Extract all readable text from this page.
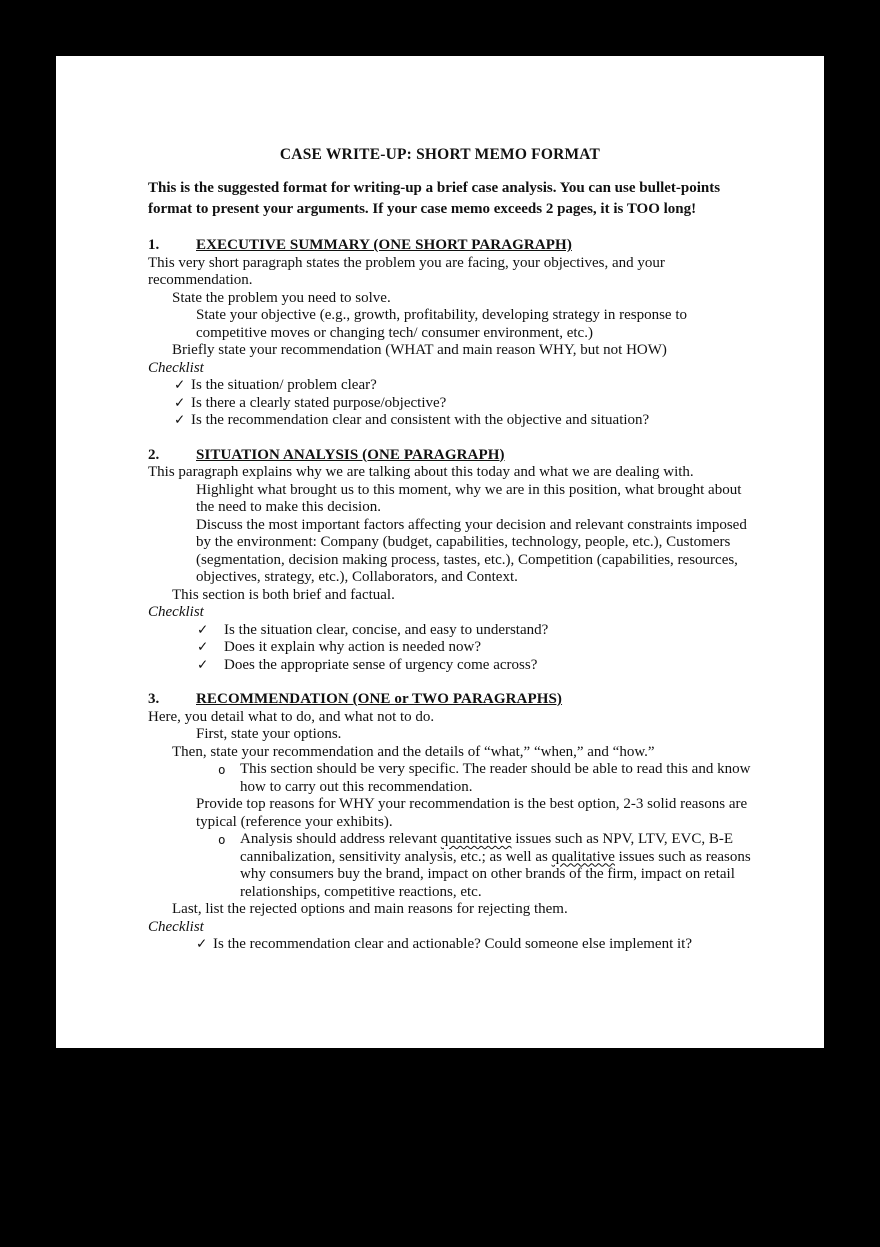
CASE WRITE-UP: SHORT MEMO FORMAT

This is the suggested format for writing-up a brief case analysis. You can use bullet-points format to present your arguments. If your case memo exceeds 2 pages, it is TOO long!

1.	EXECUTIVE SUMMARY (ONE SHORT PARAGRAPH)

This very short paragraph states the problem you are facing, your objectives, and your recommendation.

State the problem you need to solve.

State your objective (e.g., growth, profitability, developing strategy in response to competitive moves or changing tech/ consumer environment, etc.)

Briefly state your recommendation (WHAT and main reason WHY, but not HOW)

Checklist

✓ Is the situation/ problem clear?
✓ Is there a clearly stated purpose/objective?
✓ Is the recommendation clear and consistent with the objective and situation?
2.	SITUATION ANALYSIS (ONE PARAGRAPH)

This paragraph explains why we are talking about this today and what we are dealing with.

Highlight what brought us to this moment, why we are in this position, what brought about the need to make this decision.

Discuss the most important factors affecting your decision and relevant constraints imposed by the environment: Company (budget, capabilities, technology, people, etc.), Customers (segmentation, decision making process, tastes, etc.), Competition (capabilities, resources, objectives, strategy, etc.), Collaborators, and Context.

This section is both brief and factual.

Checklist

✓	Is the situation clear, concise, and easy to understand?
✓	Does it explain why action is needed now?
✓	Does the appropriate sense of urgency come across?
3.	RECOMMENDATION (ONE or TWO PARAGRAPHS)

Here, you detail what to do, and what not to do.

First, state your options.

Then, state your recommendation and the details of “what,” “when,” and “how.”

o This section should be very specific. The reader should be able to read this and know how to carry out this recommendation.

Provide top reasons for WHY your recommendation is the best option, 2-3 solid reasons are typical (reference your exhibits).

o Analysis should address relevant quantitative issues such as NPV, LTV, EVC, B-E cannibalization, sensitivity analysis, etc.; as well as qualitative issues such as reasons why consumers buy the brand, impact on other brands of the firm, impact on retail relationships, competitive reactions, etc.

Last, list the rejected options and main reasons for rejecting them.

Checklist

✓ Is the recommendation clear and actionable? Could someone else implement it?
